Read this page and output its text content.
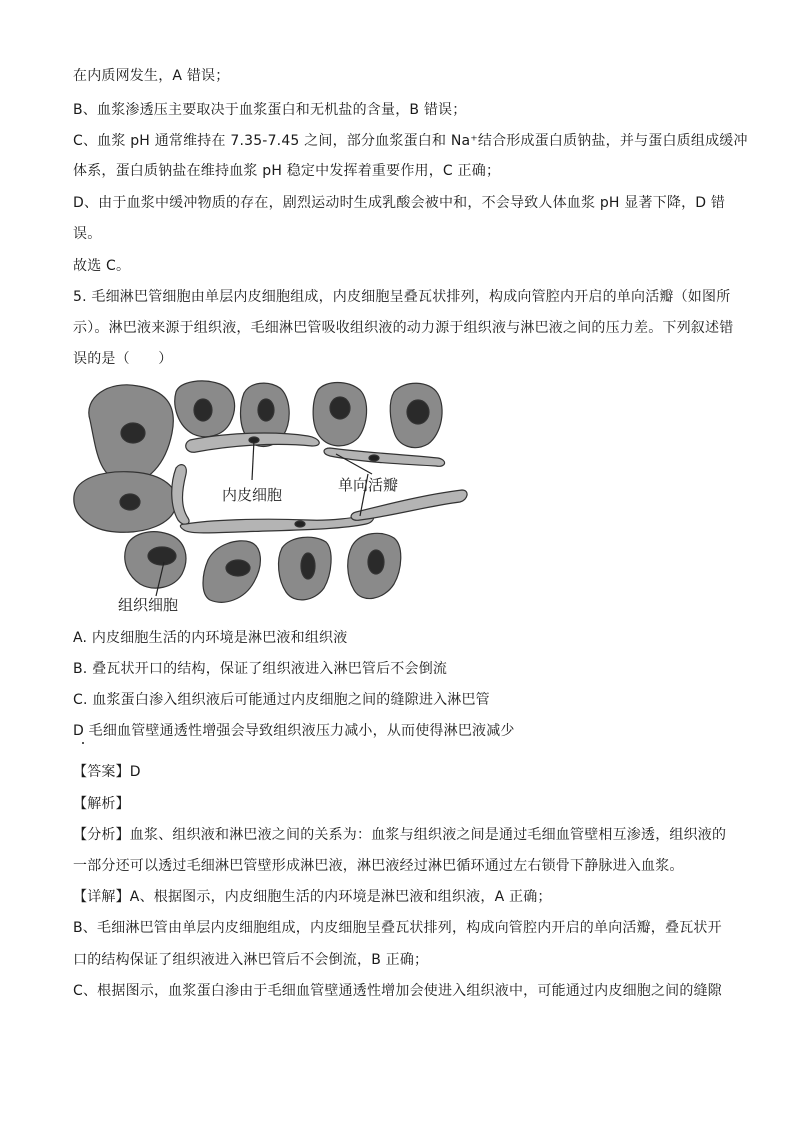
在内质网发生，A 错误；
B、血浆渗透压主要取决于血浆蛋白和无机盐的含量，B 错误；
C、血浆 pH 通常维持在 7.35-7.45 之间，部分血浆蛋白和 Na⁺结合形成蛋白质钠盐，并与蛋白质组成缓冲
体系，蛋白质钠盐在维持血浆 pH 稳定中发挥着重要作用，C 正确；
D、由于血浆中缓冲物质的存在，剧烈运动时生成乳酸会被中和，不会导致人体血浆 pH 显著下降，D 错
误。
故选 C。
5. 毛细淋巴管细胞由单层内皮细胞组成，内皮细胞呈叠瓦状排列，构成向管腔内开启的单向活瓣（如图所
示）。淋巴液来源于组织液，毛细淋巴管吸收组织液的动力源于组织液与淋巴液之间的压力差。下列叙述错
误的是（　　）
内皮细胞
单向活瓣
组织细胞
A. 内皮细胞生活的内环境是淋巴液和组织液
B. 叠瓦状开口的结构，保证了组织液进入淋巴管后不会倒流
C. 血浆蛋白渗入组织液后可能通过内皮细胞之间的缝隙进入淋巴管
D 毛细血管壁通透性增强会导致组织液压力减小，从而使得淋巴液减少
【答案】D
【解析】
【分析】血浆、组织液和淋巴液之间的关系为：血浆与组织液之间是通过毛细血管壁相互渗透，组织液的
一部分还可以透过毛细淋巴管壁形成淋巴液，淋巴液经过淋巴循环通过左右锁骨下静脉进入血浆。
【详解】A、根据图示，内皮细胞生活的内环境是淋巴液和组织液，A 正确；
B、毛细淋巴管由单层内皮细胞组成，内皮细胞呈叠瓦状排列，构成向管腔内开启的单向活瓣，叠瓦状开
口的结构保证了组织液进入淋巴管后不会倒流，B 正确；
C、根据图示，血浆蛋白渗由于毛细血管壁通透性增加会使进入组织液中，可能通过内皮细胞之间的缝隙
